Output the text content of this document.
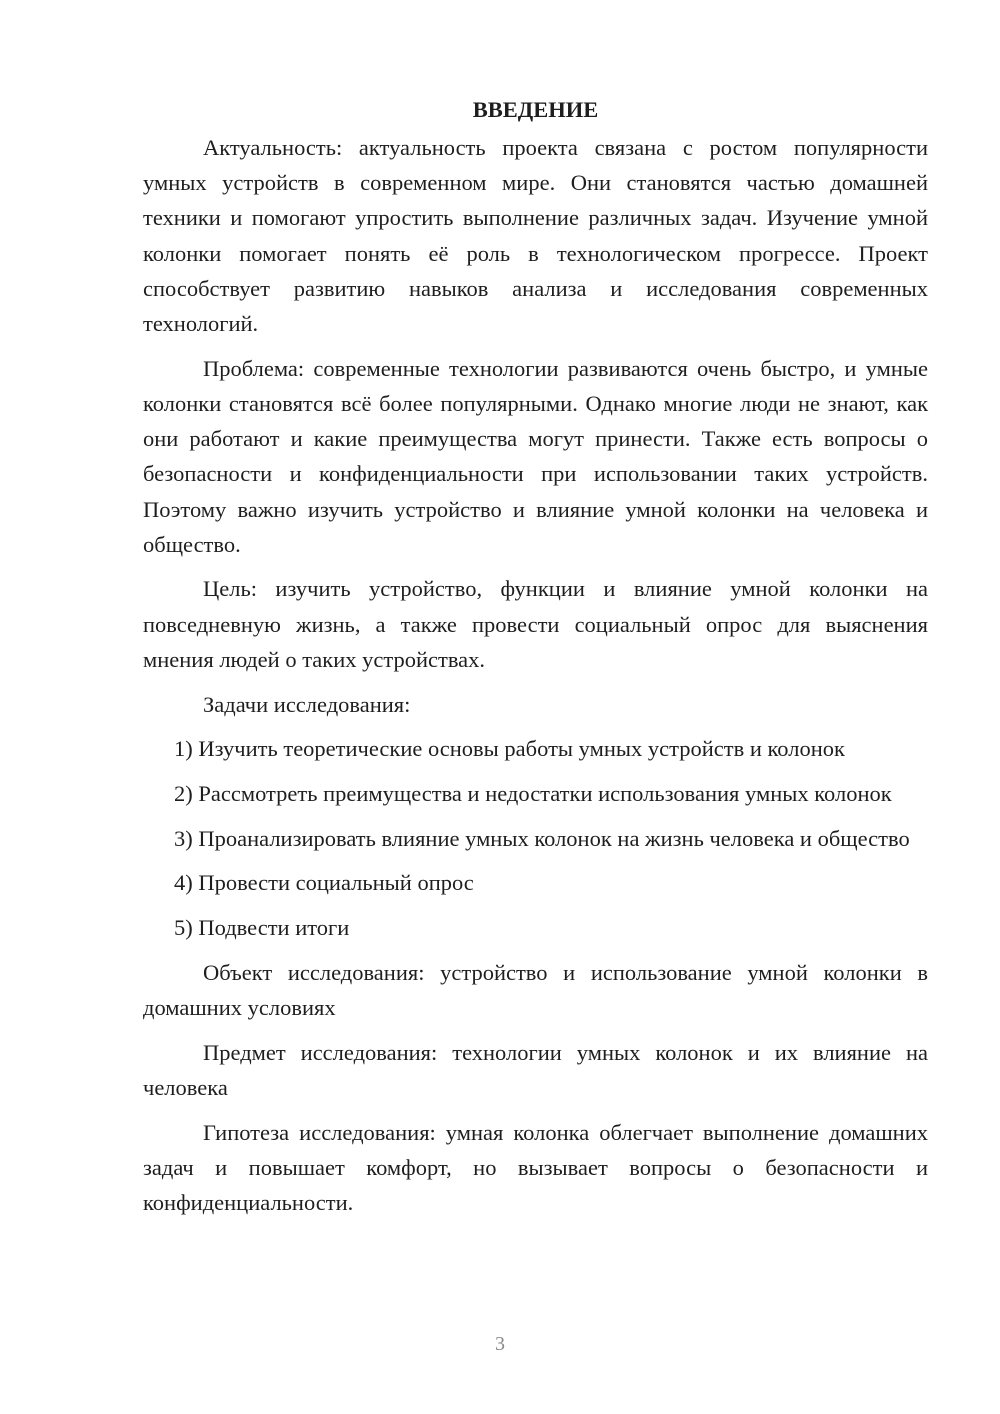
ВВЕДЕНИЕ

Актуальность: актуальность проекта связана с ростом популярности умных устройств в современном мире. Они становятся частью домашней техники и помогают упростить выполнение различных задач. Изучение умной колонки помогает понять её роль в технологическом прогрессе. Проект способствует развитию навыков анализа и исследования современных технологий.

Проблема: современные технологии развиваются очень быстро, и умные колонки становятся всё более популярными. Однако многие люди не знают, как они работают и какие преимущества могут принести. Также есть вопросы о безопасности и конфиденциальности при использовании таких устройств. Поэтому важно изучить устройство и влияние умной колонки на человека и общество.

Цель: изучить устройство, функции и влияние умной колонки на повседневную жизнь, а также провести социальный опрос для выяснения мнения людей о таких устройствах.

Задачи исследования:

1) Изучить теоретические основы работы умных устройств и колонок

2) Рассмотреть преимущества и недостатки использования умных колонок

3) Проанализировать влияние умных колонок на жизнь человека и общество

4) Провести социальный опрос

5) Подвести итоги

Объект исследования: устройство и использование умной колонки в домашних условиях

Предмет исследования: технологии умных колонок и их влияние на человека

Гипотеза исследования: умная колонка облегчает выполнение домашних задач и повышает комфорт, но вызывает вопросы о безопасности и конфиденциальности.

3
